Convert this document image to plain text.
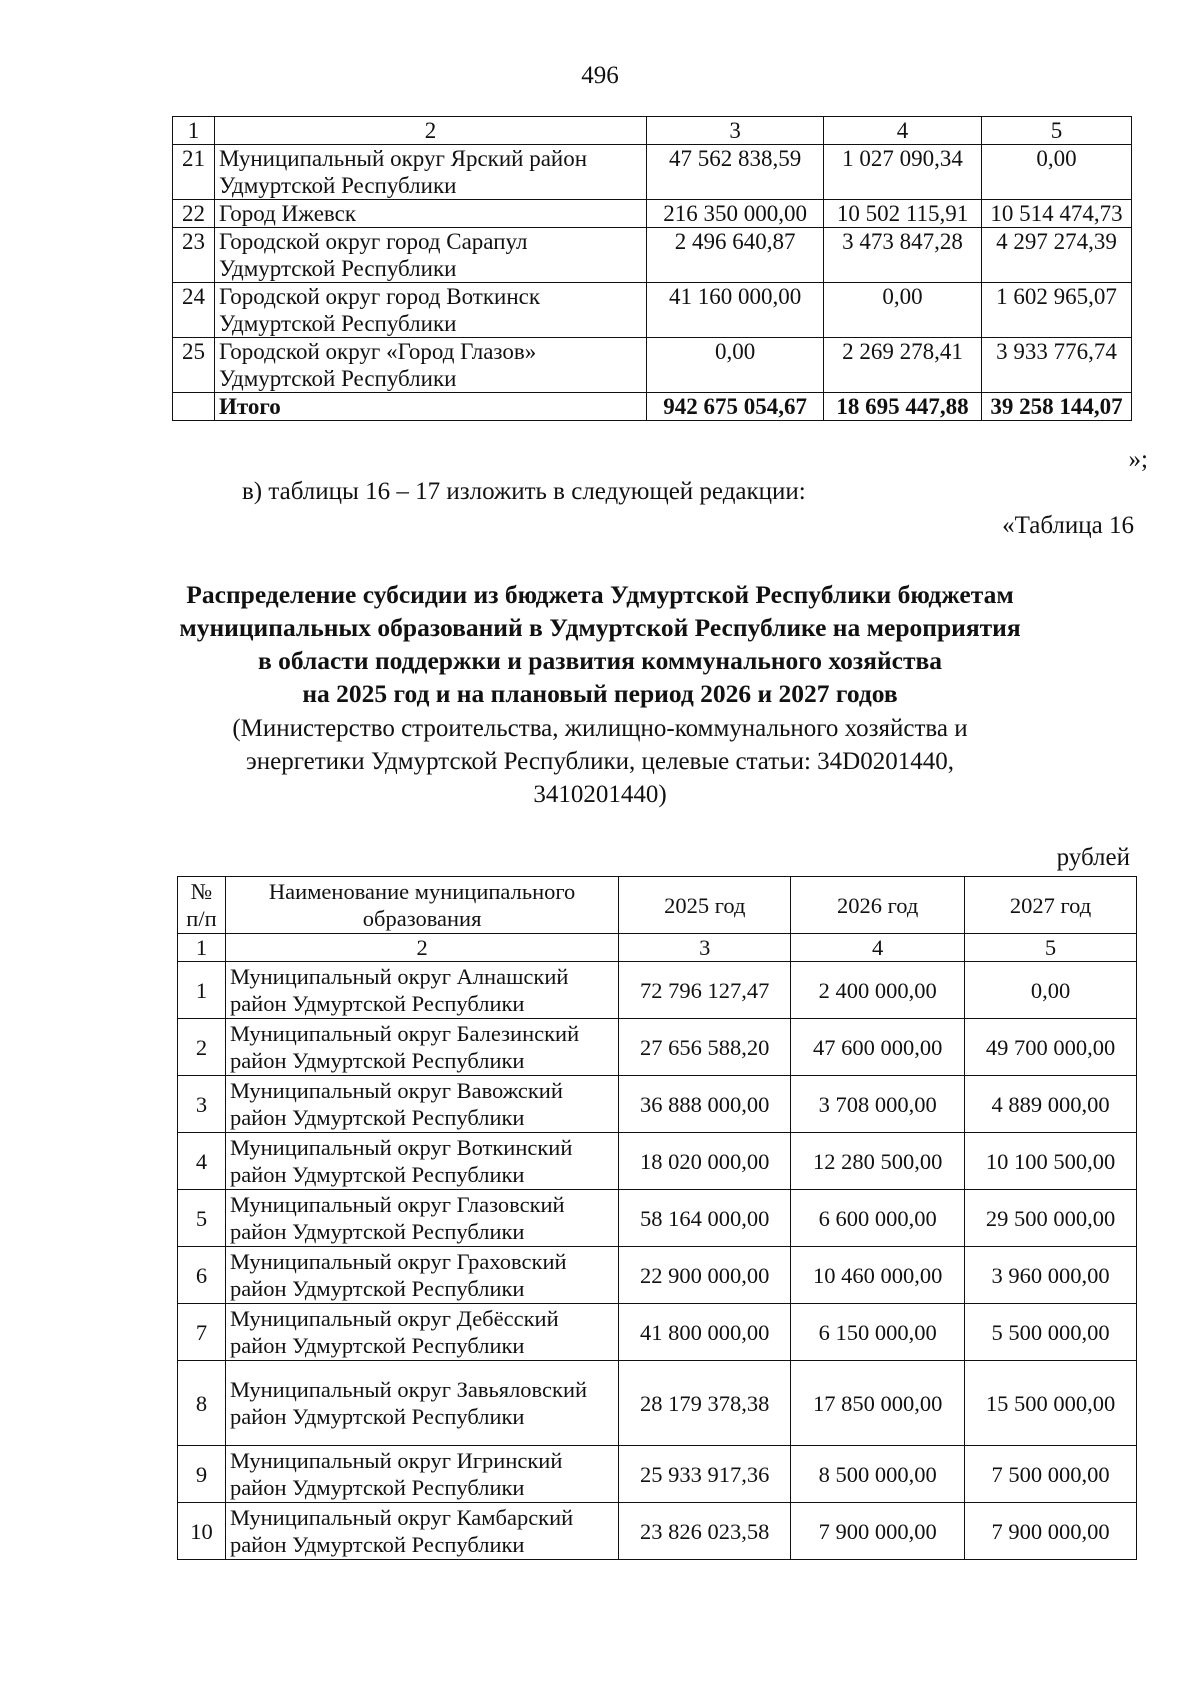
496
1	2	3	4	5
21	Муниципальный округ Ярский район Удмуртской Республики	47 562 838,59	1 027 090,34	0,00
22	Город Ижевск	216 350 000,00	10 502 115,91	10 514 474,73
23	Городской округ город Сарапул Удмуртской Республики	2 496 640,87	3 473 847,28	4 297 274,39
24	Городской округ город Воткинск Удмуртской Республики	41 160 000,00	0,00	1 602 965,07
25	Городской округ «Город Глазов» Удмуртской Республики	0,00	2 269 278,41	3 933 776,74
	Итого	942 675 054,67	18 695 447,88	39 258 144,07
»;
в) таблицы 16 – 17 изложить в следующей редакции:
«Таблица 16
Распределение субсидии из бюджета Удмуртской Республики бюджетам
муниципальных образований в Удмуртской Республике на мероприятия
в области поддержки и развития коммунального хозяйства
на 2025 год и на плановый период 2026 и 2027 годов
(Министерство строительства, жилищно-коммунального хозяйства и
энергетики Удмуртской Республики, целевые статьи: 34D0201440,
3410201440)
рублей
№ п/п	Наименование муниципального образования	2025 год	2026 год	2027 год
1	2	3	4	5
1	Муниципальный округ Алнашский район Удмуртской Республики	72 796 127,47	2 400 000,00	0,00
2	Муниципальный округ Балезинский район Удмуртской Республики	27 656 588,20	47 600 000,00	49 700 000,00
3	Муниципальный округ Вавожский район Удмуртской Республики	36 888 000,00	3 708 000,00	4 889 000,00
4	Муниципальный округ Воткинский район Удмуртской Республики	18 020 000,00	12 280 500,00	10 100 500,00
5	Муниципальный округ Глазовский район Удмуртской Республики	58 164 000,00	6 600 000,00	29 500 000,00
6	Муниципальный округ Граховский район Удмуртской Республики	22 900 000,00	10 460 000,00	3 960 000,00
7	Муниципальный округ Дебёсский район Удмуртской Республики	41 800 000,00	6 150 000,00	5 500 000,00
8	Муниципальный округ Завьяловский район Удмуртской Республики	28 179 378,38	17 850 000,00	15 500 000,00
9	Муниципальный округ Игринский район Удмуртской Республики	25 933 917,36	8 500 000,00	7 500 000,00
10	Муниципальный округ Камбарский район Удмуртской Республики	23 826 023,58	7 900 000,00	7 900 000,00
